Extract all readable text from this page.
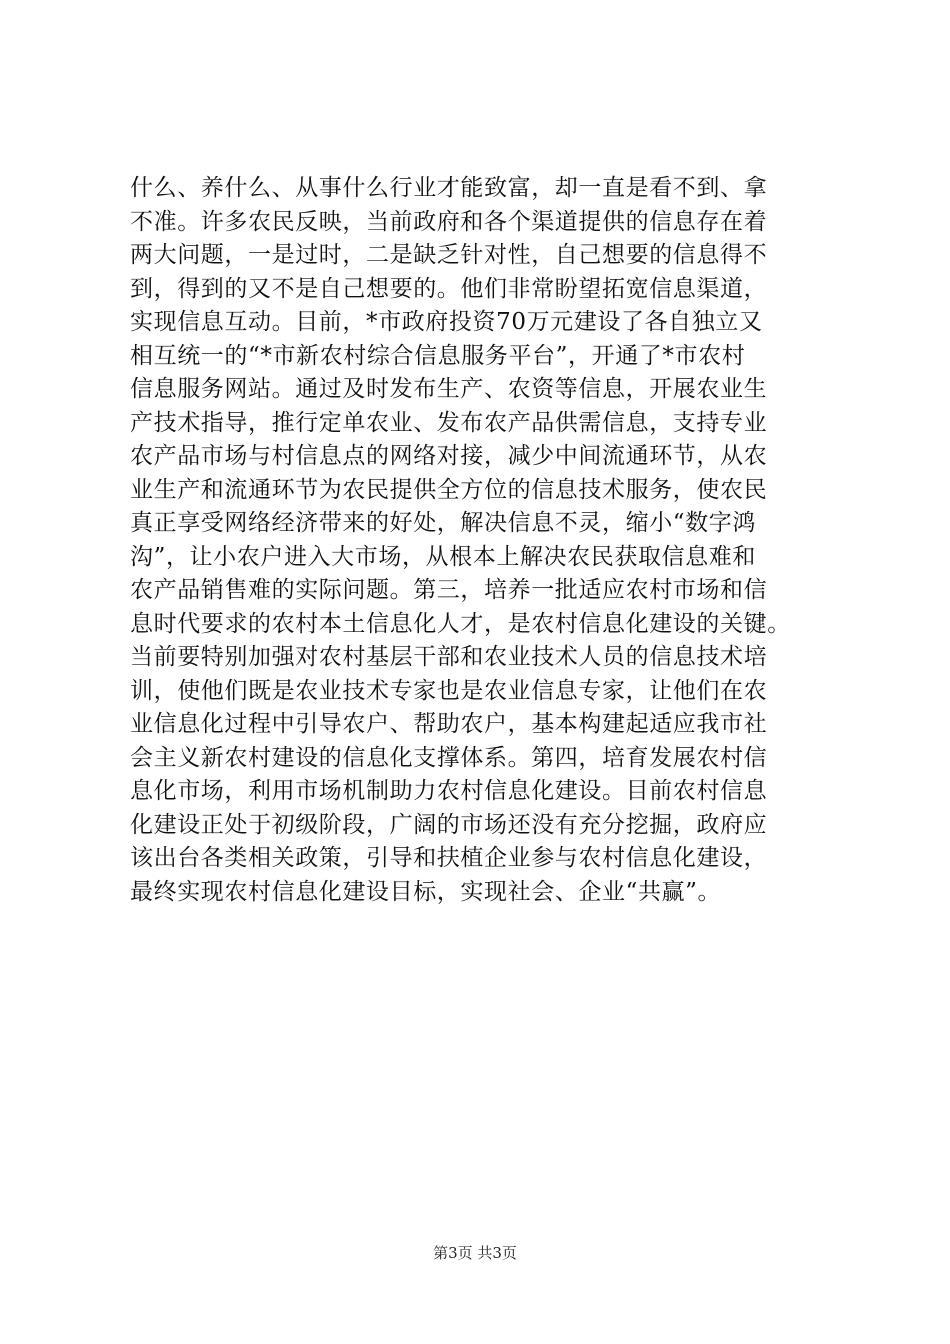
什么、养什么、从事什么行业才能致富，却一直是看不到、拿
不准。许多农民反映，当前政府和各个渠道提供的信息存在着
两大问题，一是过时，二是缺乏针对性，自己想要的信息得不
到，得到的又不是自己想要的。他们非常盼望拓宽信息渠道，
实现信息互动。目前，*市政府投资70万元建设了各自独立又
相互统一的“*市新农村综合信息服务平台”，开通了*市农村
信息服务网站。通过及时发布生产、农资等信息，开展农业生
产技术指导，推行定单农业、发布农产品供需信息，支持专业
农产品市场与村信息点的网络对接，减少中间流通环节，从农
业生产和流通环节为农民提供全方位的信息技术服务，使农民
真正享受网络经济带来的好处，解决信息不灵，缩小“数字鸿
沟”，让小农户进入大市场，从根本上解决农民获取信息难和
农产品销售难的实际问题。第三，培养一批适应农村市场和信
息时代要求的农村本土信息化人才，是农村信息化建设的关键。
当前要特别加强对农村基层干部和农业技术人员的信息技术培
训，使他们既是农业技术专家也是农业信息专家，让他们在农
业信息化过程中引导农户、帮助农户，基本构建起适应我市社
会主义新农村建设的信息化支撑体系。第四，培育发展农村信
息化市场，利用市场机制助力农村信息化建设。目前农村信息
化建设正处于初级阶段，广阔的市场还没有充分挖掘，政府应
该出台各类相关政策，引导和扶植企业参与农村信息化建设，
最终实现农村信息化建设目标，实现社会、企业“共赢”。
第3页 共3页
